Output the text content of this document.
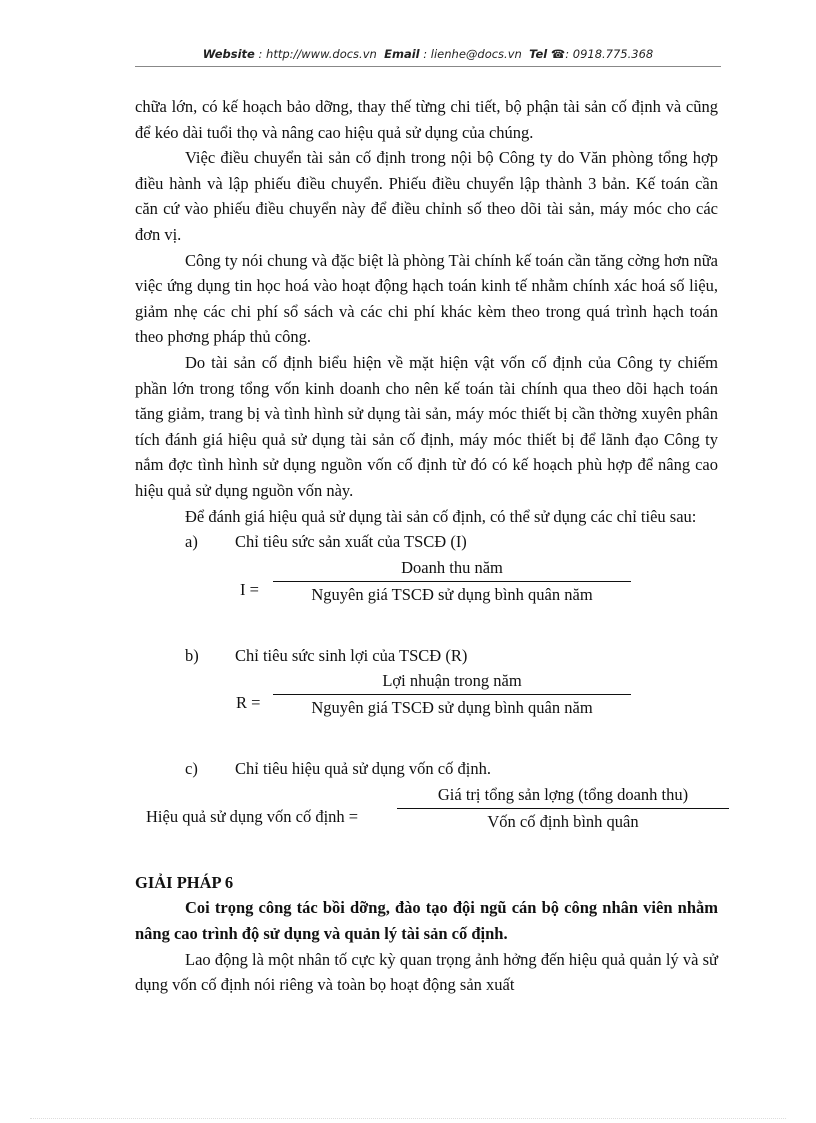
Website : http://www.docs.vn Email : lienhe@docs.vn Tel ☎: 0918.775.368

chữa lớn, có kế hoạch bảo dỡng, thay thế từng chi tiết, bộ phận tài sản cố định và cũng để kéo dài tuổi thọ và nâng cao hiệu quả sử dụng của chúng.

Việc điều chuyển tài sản cố định trong nội bộ Công ty do Văn phòng tổng hợp điều hành và lập phiếu điều chuyển. Phiếu điều chuyển lập thành 3 bản. Kế toán cần căn cứ vào phiếu điều chuyển này để điều chỉnh số theo dõi tài sản, máy móc cho các đơn vị.

Công ty nói chung và đặc biệt là phòng Tài chính kế toán cần tăng cờng hơn nữa việc ứng dụng tin học hoá vào hoạt động hạch toán kinh tế nhằm chính xác hoá số liệu, giảm nhẹ các chi phí sổ sách và các chi phí khác kèm theo trong quá trình hạch toán theo phơng pháp thủ công.

Do tài sản cố định biểu hiện về mặt hiện vật vốn cố định của Công ty chiếm phần lớn trong tổng vốn kinh doanh cho nên kế toán tài chính qua theo dõi hạch toán tăng giảm, trang bị và tình hình sử dụng tài sản, máy móc thiết bị cần thờng xuyên phân tích đánh giá hiệu quả sử dụng tài sản cố định, máy móc thiết bị để lãnh đạo Công ty nắm đợc tình hình sử dụng nguồn vốn cố định từ đó có kế hoạch phù hợp để nâng cao hiệu quả sử dụng nguồn vốn này.

Để đánh giá hiệu quả sử dụng tài sản cố định, có thể sử dụng các chỉ tiêu sau:

a) Chỉ tiêu sức sản xuất của TSCĐ (I)
I =
Doanh thu năm
Nguyên giá TSCĐ sử dụng bình quân năm
b) Chỉ tiêu sức sinh lợi của TSCĐ (R)
R =
Lợi nhuận trong năm
Nguyên giá TSCĐ sử dụng bình quân năm
c) Chỉ tiêu hiệu quả sử dụng vốn cố định.
Hiệu quả sử dụng vốn cố định =
Giá trị tổng sản lợng (tổng doanh thu)
Vốn cố định bình quân

GIẢI PHÁP 6

Coi trọng công tác bồi dỡng, đào tạo đội ngũ cán bộ công nhân viên nhằm nâng cao trình độ sử dụng và quản lý tài sản cố định.

Lao động là một nhân tố cực kỳ quan trọng ảnh hởng đến hiệu quả quản lý và sử dụng vốn cố định nói riêng và toàn bọ hoạt động sản xuất
